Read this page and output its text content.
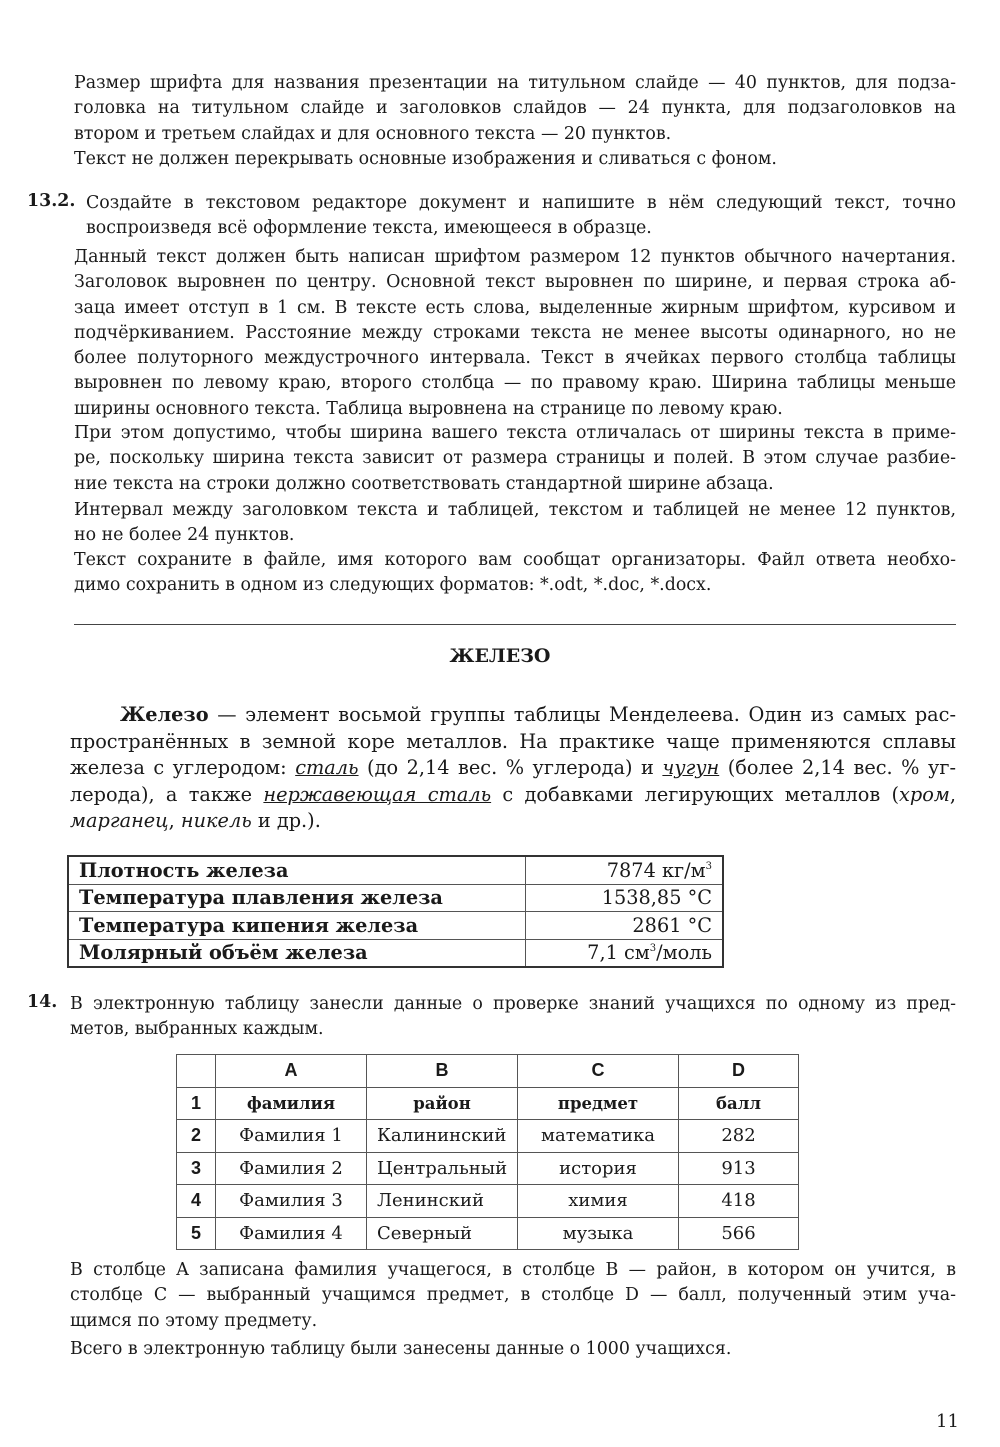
Размер шрифта для названия презентации на титульном слайде — 40 пунктов, для подза-

головка на титульном слайде и заголовков слайдов — 24 пункта, для подзаголовков на

втором и третьем слайдах и для основного текста — 20 пунктов.

Текст не должен перекрывать основные изображения и сливаться с фоном.

13.2. Создайте в текстовом редакторе документ и напишите в нём следующий текст, точно

воспроизведя всё оформление текста, имеющееся в образце.

Данный текст должен быть написан шрифтом размером 12 пунктов обычного начертания.

Заголовок выровнен по центру. Основной текст выровнен по ширине, и первая строка аб-

заца имеет отступ в 1 см. В тексте есть слова, выделенные жирным шрифтом, курсивом и

подчёркиванием. Расстояние между строками текста не менее высоты одинарного, но не

более полуторного междустрочного интервала. Текст в ячейках первого столбца таблицы

выровнен по левому краю, второго столбца — по правому краю. Ширина таблицы меньше

ширины основного текста. Таблица выровнена на странице по левому краю.

При этом допустимо, чтобы ширина вашего текста отличалась от ширины текста в приме-

ре, поскольку ширина текста зависит от размера страницы и полей. В этом случае разбие-

ние текста на строки должно соответствовать стандартной ширине абзаца.

Интервал между заголовком текста и таблицей, текстом и таблицей не менее 12 пунктов,

но не более 24 пунктов.

Текст сохраните в файле, имя которого вам сообщат организаторы. Файл ответа необхо-

димо сохранить в одном из следующих форматов: *.odt, *.doc, *.docx.

ЖЕЛЕЗО

Железо — элемент восьмой группы таблицы Менделеева. Один из самых рас-

пространённых в земной коре металлов. На практике чаще применяются сплавы

железа с углеродом: сталь (до 2,14 вес. % углерода) и чугун (более 2,14 вес. % уг-

лерода), а также нержавеющая сталь с добавками легирующих металлов (хром,

марганец, никель и др.).

Плотность железа	7874 $кг/м^3$
Температура плавления железа	1538,85 °C
Температура кипения железа	2861 °C
Молярный объём железа	7,1 $см^3$/моль
14. В электронную таблицу занесли данные о проверке знаний учащихся по одному из пред-

метов, выбранных каждым.

	A	B	C	D
1	фамилия	район	предмет	балл
2	Фамилия 1	Калининский	математика	282
3	Фамилия 2	Центральный	история	913
4	Фамилия 3	Ленинский	химия	418
5	Фамилия 4	Северный	музыка	566

В столбце A записана фамилия учащегося, в столбце B — район, в котором он учится, в

столбце C — выбранный учащимся предмет, в столбце D — балл, полученный этим уча-

щимся по этому предмету.

Всего в электронную таблицу были занесены данные о 1000 учащихся.
11
